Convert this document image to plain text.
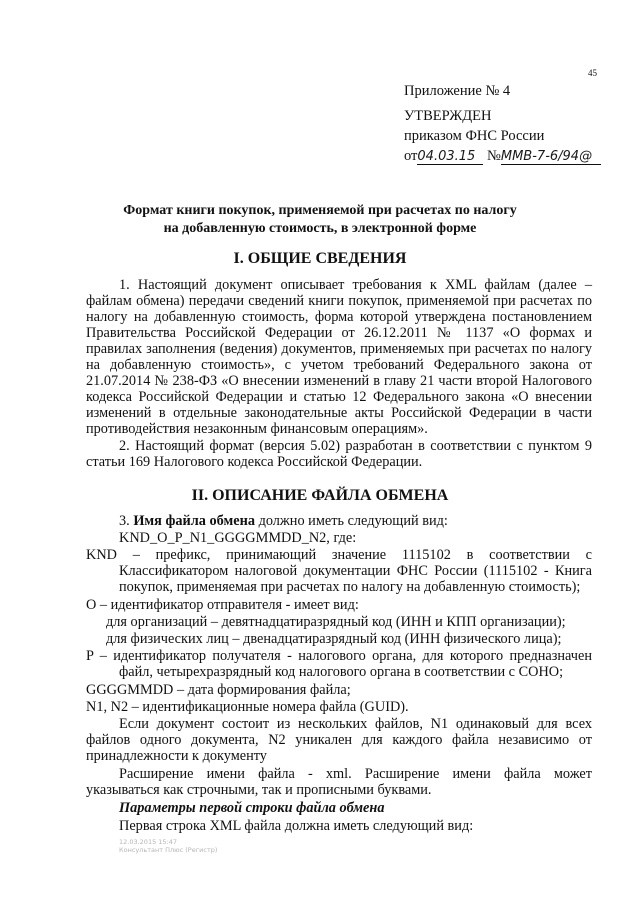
45
Приложение № 4
УТВЕРЖДЕН
приказом ФНС России
от04.03.15 №ММВ-7-6/94@
Формат книги покупок, применяемой при расчетах по налогу
на добавленную стоимость, в электронной форме
I. ОБЩИЕ СВЕДЕНИЯ
1. Настоящий документ описывает требования к XML файлам (далее – файлам обмена) передачи сведений книги покупок, применяемой при расчетах по налогу на добавленную стоимость, форма которой утверждена постановлением Правительства Российской Федерации от 26.12.2011 № 1137 «О формах и правилах заполнения (ведения) документов, применяемых при расчетах по налогу на добавленную стоимость», с учетом требований Федерального закона от 21.07.2014 № 238-ФЗ «О внесении изменений в главу 21 части второй Налогового кодекса Российской Федерации и статью 12 Федерального закона «О внесении изменений в отдельные законодательные акты Российской Федерации в части противодействия незаконным финансовым операциям».
2. Настоящий формат (версия 5.02) разработан в соответствии с пунктом 9 статьи 169 Налогового кодекса Российской Федерации.
II. ОПИСАНИЕ ФАЙЛА ОБМЕНА
3. Имя файла обмена должно иметь следующий вид:
KND_O_P_N1_GGGGMMDD_N2, где:
KND – префикс, принимающий значение 1115102 в соответствии с Классификатором налоговой документации ФНС России (1115102 - Книга покупок, применяемая при расчетах по налогу на добавленную стоимость);
O – идентификатор отправителя - имеет вид:
для организаций – девятнадцатиразрядный код (ИНН и КПП организации);
для физических лиц – двенадцатиразрядный код (ИНН физического лица);
P – идентификатор получателя - налогового органа, для которого предназначен файл, четырехразрядный код налогового органа в соответствии с СОНО;
GGGGMMDD – дата формирования файла;
N1, N2 – идентификационные номера файла (GUID).
Если документ состоит из нескольких файлов, N1 одинаковый для всех файлов одного документа, N2 уникален для каждого файла независимо от принадлежности к документу
Расширение имени файла - xml. Расширение имени файла может указываться как строчными, так и прописными буквами.
Параметры первой строки файла обмена
Первая строка XML файла должна иметь следующий вид:
12.03.2015 15:47
Консультант Плюс (Регистр)
